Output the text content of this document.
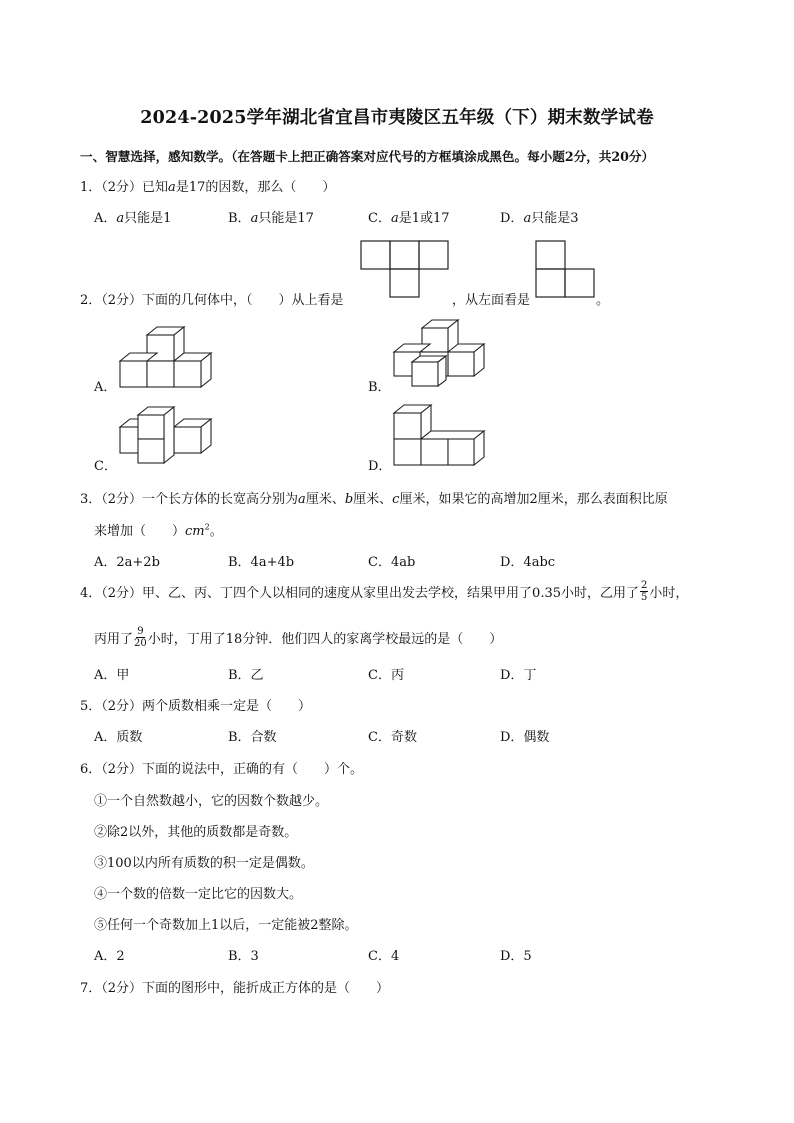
2024-2025学年湖北省宜昌市夷陵区五年级（下）期末数学试卷
一、智慧选择，感知数学。（在答题卡上把正确答案对应代号的方框填涂成黑色。每小题2分，共20分）
1．（2分）已知a是17的因数，那么（　　）
A．a只能是1	B．a只能是17	C．a是1或17	D．a只能是3
2．（2分）下面的几何体中，（　　）从上看是	，从左面看是	。
A．	B．
C．	D．
3．（2分）一个长方体的长宽高分别为a厘米、b厘米、c厘米，如果它的高增加2厘米，那么表面积比原
来增加（　　）$cm^2$。
A．2a+2b	B．4a+4b	C．4ab	D．4abc
4．（2分）甲、乙、丙、丁四个人以相同的速度从家里出发去学校，结果甲用了0.35小时，乙用了 $\frac{2}{5}$ 小时，
丙用了 $\frac{9}{20}$ 小时，丁用了18分钟．他们四人的家离学校最远的是（　　）
A．甲	B．乙	C．丙	D．丁
5．（2分）两个质数相乘一定是（　　）
A．质数	B．合数	C．奇数	D．偶数
6．（2分）下面的说法中，正确的有（　　）个。
①一个自然数越小，它的因数个数越少。
②除2以外，其他的质数都是奇数。
③100以内所有质数的积一定是偶数。
④一个数的倍数一定比它的因数大。
⑤任何一个奇数加上1以后，一定能被2整除。
A．2	B．3	C．4	D．5
7．（2分）下面的图形中，能折成正方体的是（　　）
